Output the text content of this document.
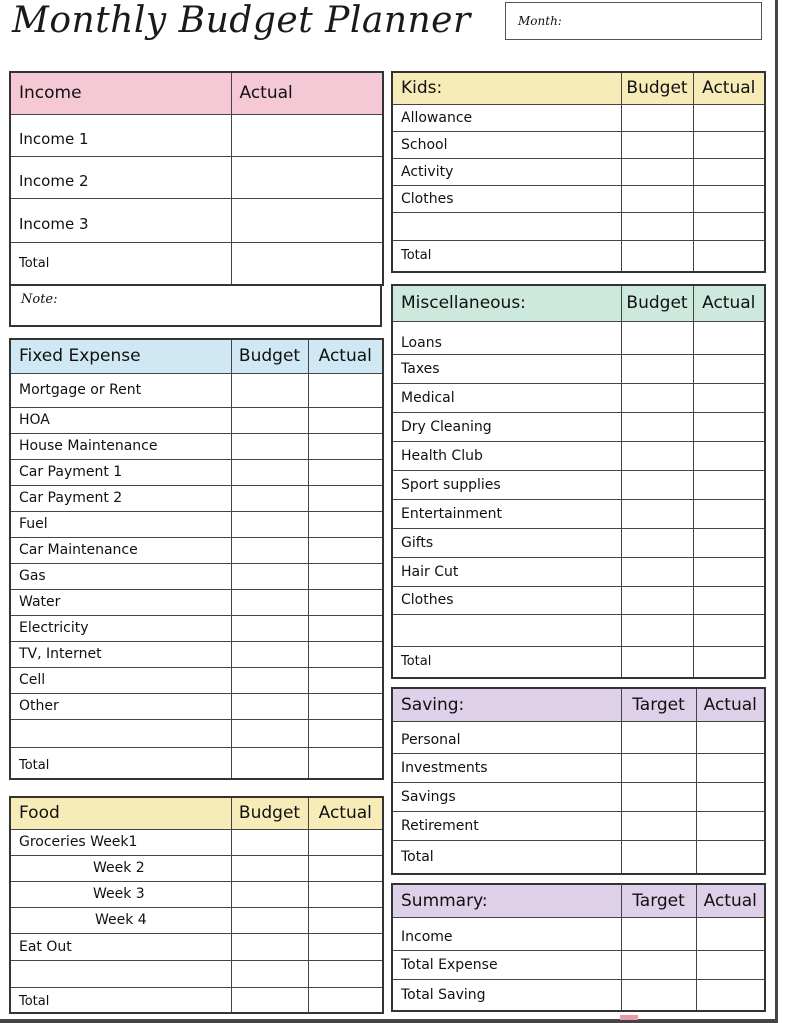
Monthly Budget Planner	Month:
Income	Actual
Income 1	
Income 2	
Income 3	
Total	
Note:
Fixed Expense	Budget	Actual
Mortgage or Rent		
HOA		
House Maintenance		
Car Payment 1		
Car Payment 2		
Fuel		
Car Maintenance		
Gas		
Water		
Electricity		
TV, Internet		
Cell		
Other		

Total		
Food	Budget	Actual
Groceries Week1		
Week 2		
Week 3		
Week 4		
Eat Out		

Total		
Kids:	Budget	Actual
Allowance		
School		
Activity		
Clothes		

Total		
Miscellaneous:	Budget	Actual
Loans		
Taxes		
Medical		
Dry Cleaning		
Health Club		
Sport supplies		
Entertainment		
Gifts		
Hair Cut		
Clothes		

Total		
Saving:	Target	Actual
Personal		
Investments		
Savings		
Retirement		
Total		
Summary:	Target	Actual
Income		
Total Expense		
Total Saving		
